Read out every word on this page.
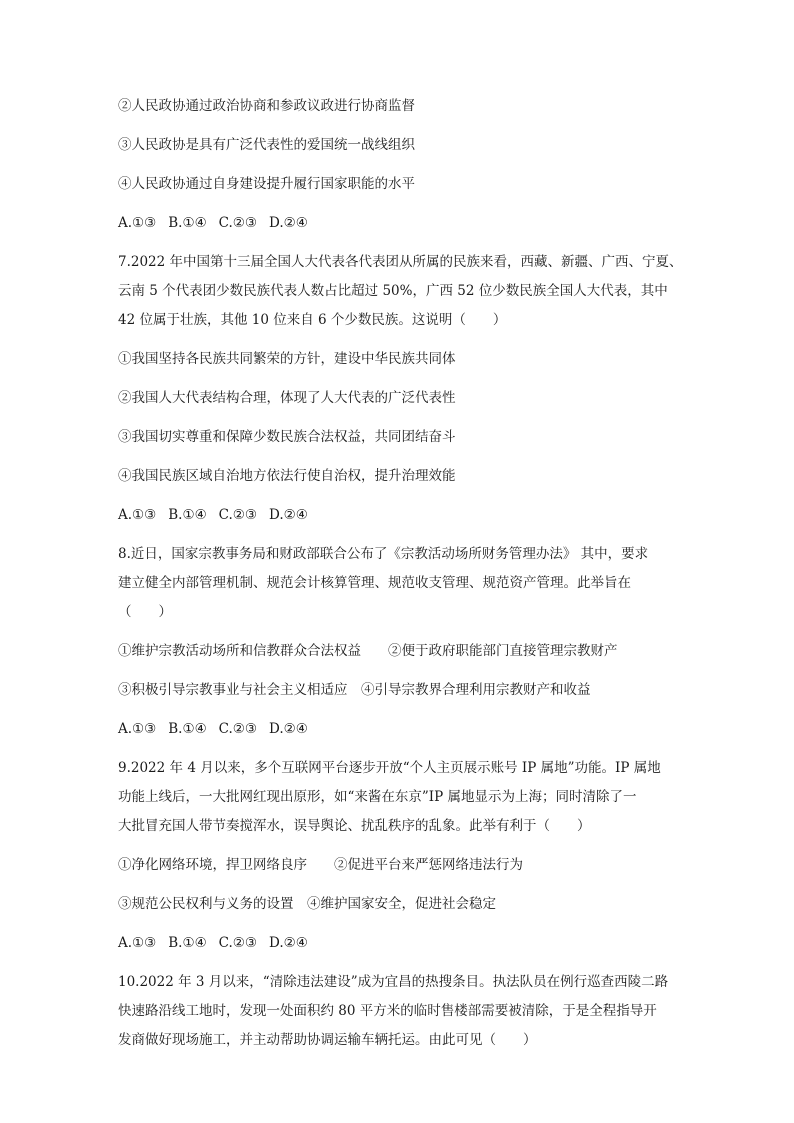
②人民政协通过政治协商和参政议政进行协商监督

③人民政协是具有广泛代表性的爱国统一战线组织

④人民政协通过自身建设提升履行国家职能的水平

A.①③ B.①④ C.②③ D.②④

7.2022 年中国第十三届全国人大代表各代表团从所属的民族来看，西藏、新疆、广西、宁夏、

云南 5 个代表团少数民族代表人数占比超过 50%，广西 52 位少数民族全国人大代表，其中

42 位属于壮族，其他 10 位来自 6 个少数民族。这说明（　　）

①我国坚持各民族共同繁荣的方针，建设中华民族共同体

②我国人大代表结构合理，体现了人大代表的广泛代表性

③我国切实尊重和保障少数民族合法权益，共同团结奋斗

④我国民族区域自治地方依法行使自治权，提升治理效能

A.①③ B.①④ C.②③ D.②④

8.近日，国家宗教事务局和财政部联合公布了《宗教活动场所财务管理办法》 其中，要求

建立健全内部管理机制、规范会计核算管理、规范收支管理、规范资产管理。此举旨在

（　　）

①维护宗教活动场所和信教群众合法权益　　②便于政府职能部门直接管理宗教财产

③积极引导宗教事业与社会主义相适应　④引导宗教界合理利用宗教财产和收益

A.①③ B.①④ C.②③ D.②④

9.2022 年 4 月以来，多个互联网平台逐步开放“个人主页展示账号 IP 属地”功能。IP 属地

功能上线后，一大批网红现出原形，如“来酱在东京”IP 属地显示为上海；同时清除了一

大批冒充国人带节奏搅浑水，误导舆论、扰乱秩序的乱象。此举有利于（　　）

①净化网络环境，捍卫网络良序　　②促进平台来严惩网络违法行为

③规范公民权利与义务的设置　④维护国家安全，促进社会稳定

A.①③ B.①④ C.②③ D.②④

10.2022 年 3 月以来，“清除违法建设”成为宜昌的热搜条目。执法队员在例行巡查西陵二路

快速路沿线工地时，发现一处面积约 80 平方米的临时售楼部需要被清除，于是全程指导开

发商做好现场施工，并主动帮助协调运输车辆托运。由此可见（　　）
